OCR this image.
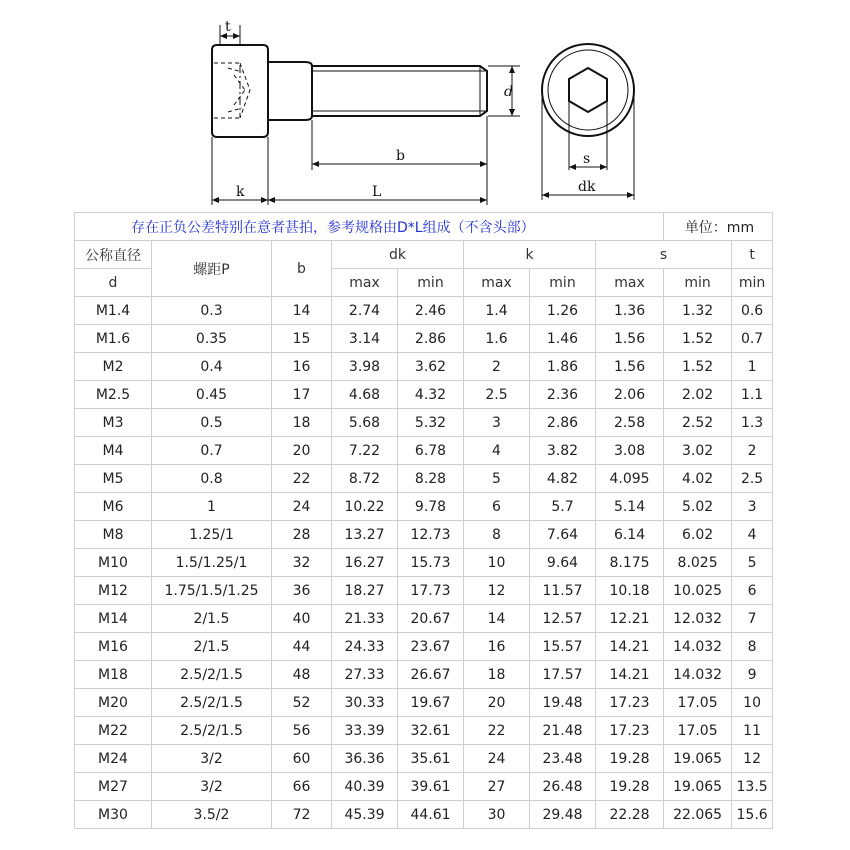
t
d
b
k	L
s
dk
存在正负公差特别在意者甚拍，参考规格由D*L组成（不含头部）								单位：mm	
公称直径	螺距P	b	dk		k		s		t
d			max	min	max	min	max	min	min
M1.4	0.3	14	2.74	2.46	1.4	1.26	1.36	1.32	0.6
M1.6	0.35	15	3.14	2.86	1.6	1.46	1.56	1.52	0.7
M2	0.4	16	3.98	3.62	2	1.86	1.56	1.52	1
M2.5	0.45	17	4.68	4.32	2.5	2.36	2.06	2.02	1.1
M3	0.5	18	5.68	5.32	3	2.86	2.58	2.52	1.3
M4	0.7	20	7.22	6.78	4	3.82	3.08	3.02	2
M5	0.8	22	8.72	8.28	5	4.82	4.095	4.02	2.5
M6	1	24	10.22	9.78	6	5.7	5.14	5.02	3
M8	1.25/1	28	13.27	12.73	8	7.64	6.14	6.02	4
M10	1.5/1.25/1	32	16.27	15.73	10	9.64	8.175	8.025	5
M12	1.75/1.5/1.25	36	18.27	17.73	12	11.57	10.18	10.025	6
M14	2/1.5	40	21.33	20.67	14	12.57	12.21	12.032	7
M16	2/1.5	44	24.33	23.67	16	15.57	14.21	14.032	8
M18	2.5/2/1.5	48	27.33	26.67	18	17.57	14.21	14.032	9
M20	2.5/2/1.5	52	30.33	19.67	20	19.48	17.23	17.05	10
M22	2.5/2/1.5	56	33.39	32.61	22	21.48	17.23	17.05	11
M24	3/2	60	36.36	35.61	24	23.48	19.28	19.065	12
M27	3/2	66	40.39	39.61	27	26.48	19.28	19.065	13.5
M30	3.5/2	72	45.39	44.61	30	29.48	22.28	22.065	15.6
